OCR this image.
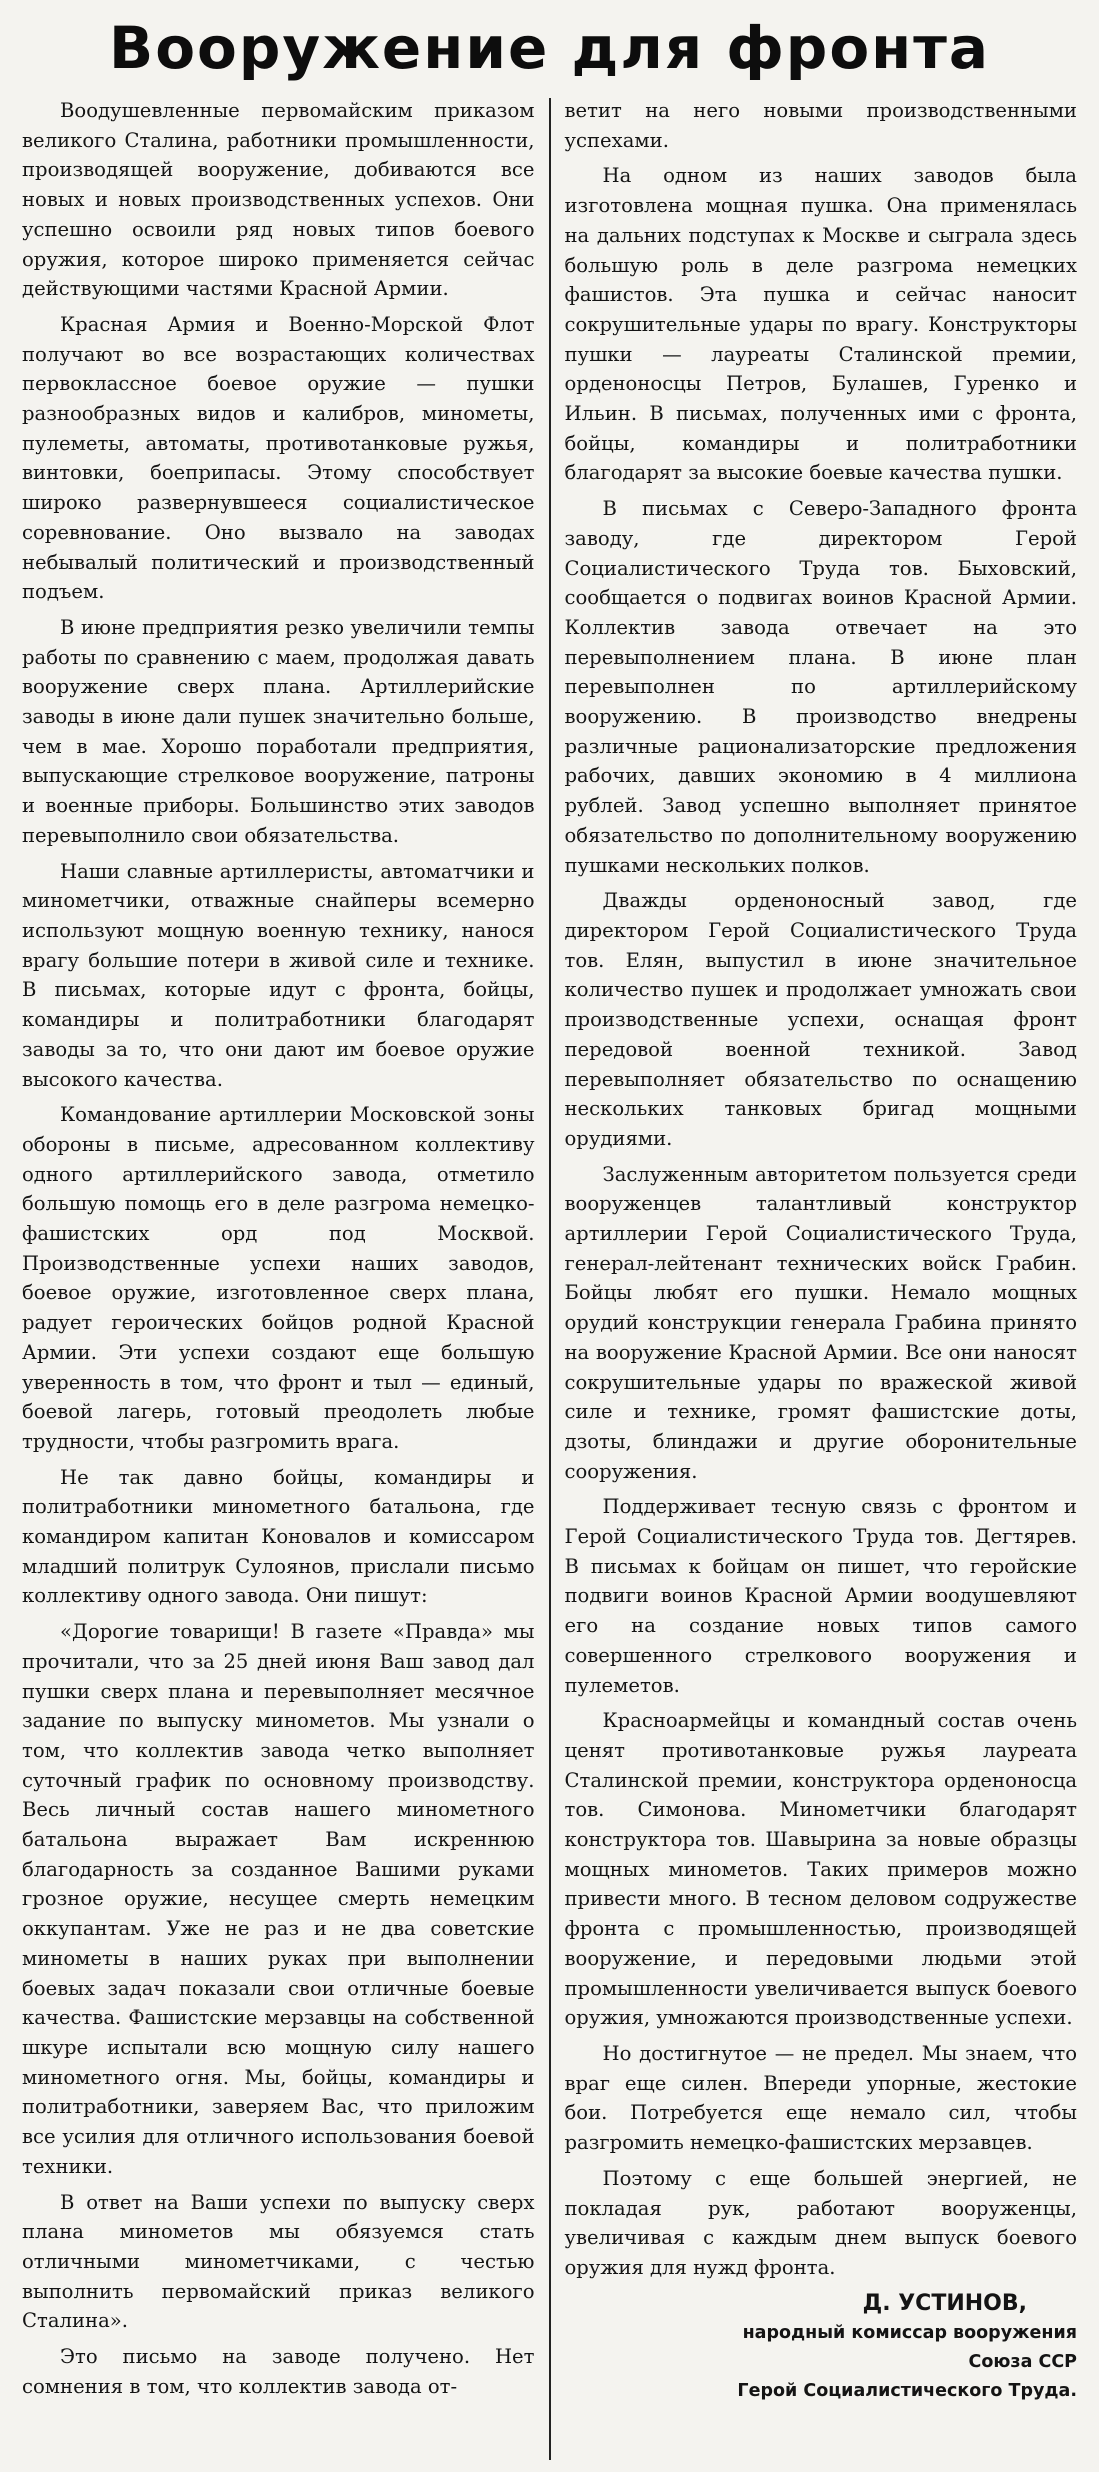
Вооружение для фронта

Воодушевленные первомайским приказом великого Сталина, работники промышленности, производящей вооружение, добиваются все новых и новых производственных успехов. Они успешно освоили ряд новых типов боевого оружия, которое широко применяется сейчас действующими частями Красной Армии.

Красная Армия и Военно-Морской Флот получают во все возрастающих количествах первоклассное боевое оружие — пушки разнообразных видов и калибров, минометы, пулеметы, автоматы, противотанковые ружья, винтовки, боеприпасы. Этому способствует широко развернувшееся социалистическое соревнование. Оно вызвало на заводах небывалый политический и производственный подъем.

В июне предприятия резко увеличили темпы работы по сравнению с маем, продолжая давать вооружение сверх плана. Артиллерийские заводы в июне дали пушек значительно больше, чем в мае. Хорошо поработали предприятия, выпускающие стрелковое вооружение, патроны и военные приборы. Большинство этих заводов перевыполнило свои обязательства.

Наши славные артиллеристы, автоматчики и минометчики, отважные снайперы всемерно используют мощную военную технику, нанося врагу большие потери в живой силе и технике. В письмах, которые идут с фронта, бойцы, командиры и политработники благодарят заводы за то, что они дают им боевое оружие высокого качества.

Командование артиллерии Московской зоны обороны в письме, адресованном коллективу одного артиллерийского завода, отметило большую помощь его в деле разгрома немецко-фашистских орд под Москвой. Производственные успехи наших заводов, боевое оружие, изготовленное сверх плана, радует героических бойцов родной Красной Армии. Эти успехи создают еще большую уверенность в том, что фронт и тыл — единый, боевой лагерь, готовый преодолеть любые трудности, чтобы разгромить врага.

Не так давно бойцы, командиры и политработники минометного батальона, где командиром капитан Коновалов и комиссаром младший политрук Сулоянов, прислали письмо коллективу одного завода. Они пишут:

«Дорогие товарищи! В газете «Правда» мы прочитали, что за 25 дней июня Ваш завод дал пушки сверх плана и перевыполняет месячное задание по выпуску минометов. Мы узнали о том, что коллектив завода четко выполняет суточный график по основному производству. Весь личный состав нашего минометного батальона выражает Вам искреннюю благодарность за созданное Вашими руками грозное оружие, несущее смерть немецким оккупантам. Уже не раз и не два советские минометы в наших руках при выполнении боевых задач показали свои отличные боевые качества. Фашистские мерзавцы на собственной шкуре испытали всю мощную силу нашего минометного огня. Мы, бойцы, командиры и политработники, заверяем Вас, что приложим все усилия для отличного использования боевой техники.

В ответ на Ваши успехи по выпуску сверх плана минометов мы обязуемся стать отличными минометчиками, с честью выполнить первомайский приказ великого Сталина».

Это письмо на заводе получено. Нет сомнения в том, что коллектив завода от-

ветит на него новыми производственными успехами.

На одном из наших заводов была изготовлена мощная пушка. Она применялась на дальних подступах к Москве и сыграла здесь большую роль в деле разгрома немецких фашистов. Эта пушка и сейчас наносит сокрушительные удары по врагу. Конструкторы пушки — лауреаты Сталинской премии, орденоносцы Петров, Булашев, Гуренко и Ильин. В письмах, полученных ими с фронта, бойцы, командиры и политработники благодарят за высокие боевые качества пушки.

В письмах с Северо-Западного фронта заводу, где директором Герой Социалистического Труда тов. Быховский, сообщается о подвигах воинов Красной Армии. Коллектив завода отвечает на это перевыполнением плана. В июне план перевыполнен по артиллерийскому вооружению. В производство внедрены различные рационализаторские предложения рабочих, давших экономию в 4 миллиона рублей. Завод успешно выполняет принятое обязательство по дополнительному вооружению пушками нескольких полков.

Дважды орденоносный завод, где директором Герой Социалистического Труда тов. Елян, выпустил в июне значительное количество пушек и продолжает умножать свои производственные успехи, оснащая фронт передовой военной техникой. Завод перевыполняет обязательство по оснащению нескольких танковых бригад мощными орудиями.

Заслуженным авторитетом пользуется среди вооруженцев талантливый конструктор артиллерии Герой Социалистического Труда, генерал-лейтенант технических войск Грабин. Бойцы любят его пушки. Немало мощных орудий конструкции генерала Грабина принято на вооружение Красной Армии. Все они наносят сокрушительные удары по вражеской живой силе и технике, громят фашистские доты, дзоты, блиндажи и другие оборонительные сооружения.

Поддерживает тесную связь с фронтом и Герой Социалистического Труда тов. Дегтярев. В письмах к бойцам он пишет, что геройские подвиги воинов Красной Армии воодушевляют его на создание новых типов самого совершенного стрелкового вооружения и пулеметов.

Красноармейцы и командный состав очень ценят противотанковые ружья лауреата Сталинской премии, конструктора орденоносца тов. Симонова. Минометчики благодарят конструктора тов. Шавырина за новые образцы мощных минометов. Таких примеров можно привести много. В тесном деловом содружестве фронта с промышленностью, производящей вооружение, и передовыми людьми этой промышленности увеличивается выпуск боевого оружия, умножаются производственные успехи.

Но достигнутое — не предел. Мы знаем, что враг еще силен. Впереди упорные, жестокие бои. Потребуется еще немало сил, чтобы разгромить немецко-фашистских мерзавцев.

Поэтому с еще большей энергией, не покладая рук, работают вооруженцы, увеличивая с каждым днем выпуск боевого оружия для нужд фронта.

Д. УСТИНОВ,
народный комиссар вооружения
Союза ССР
Герой Социалистического Труда.
